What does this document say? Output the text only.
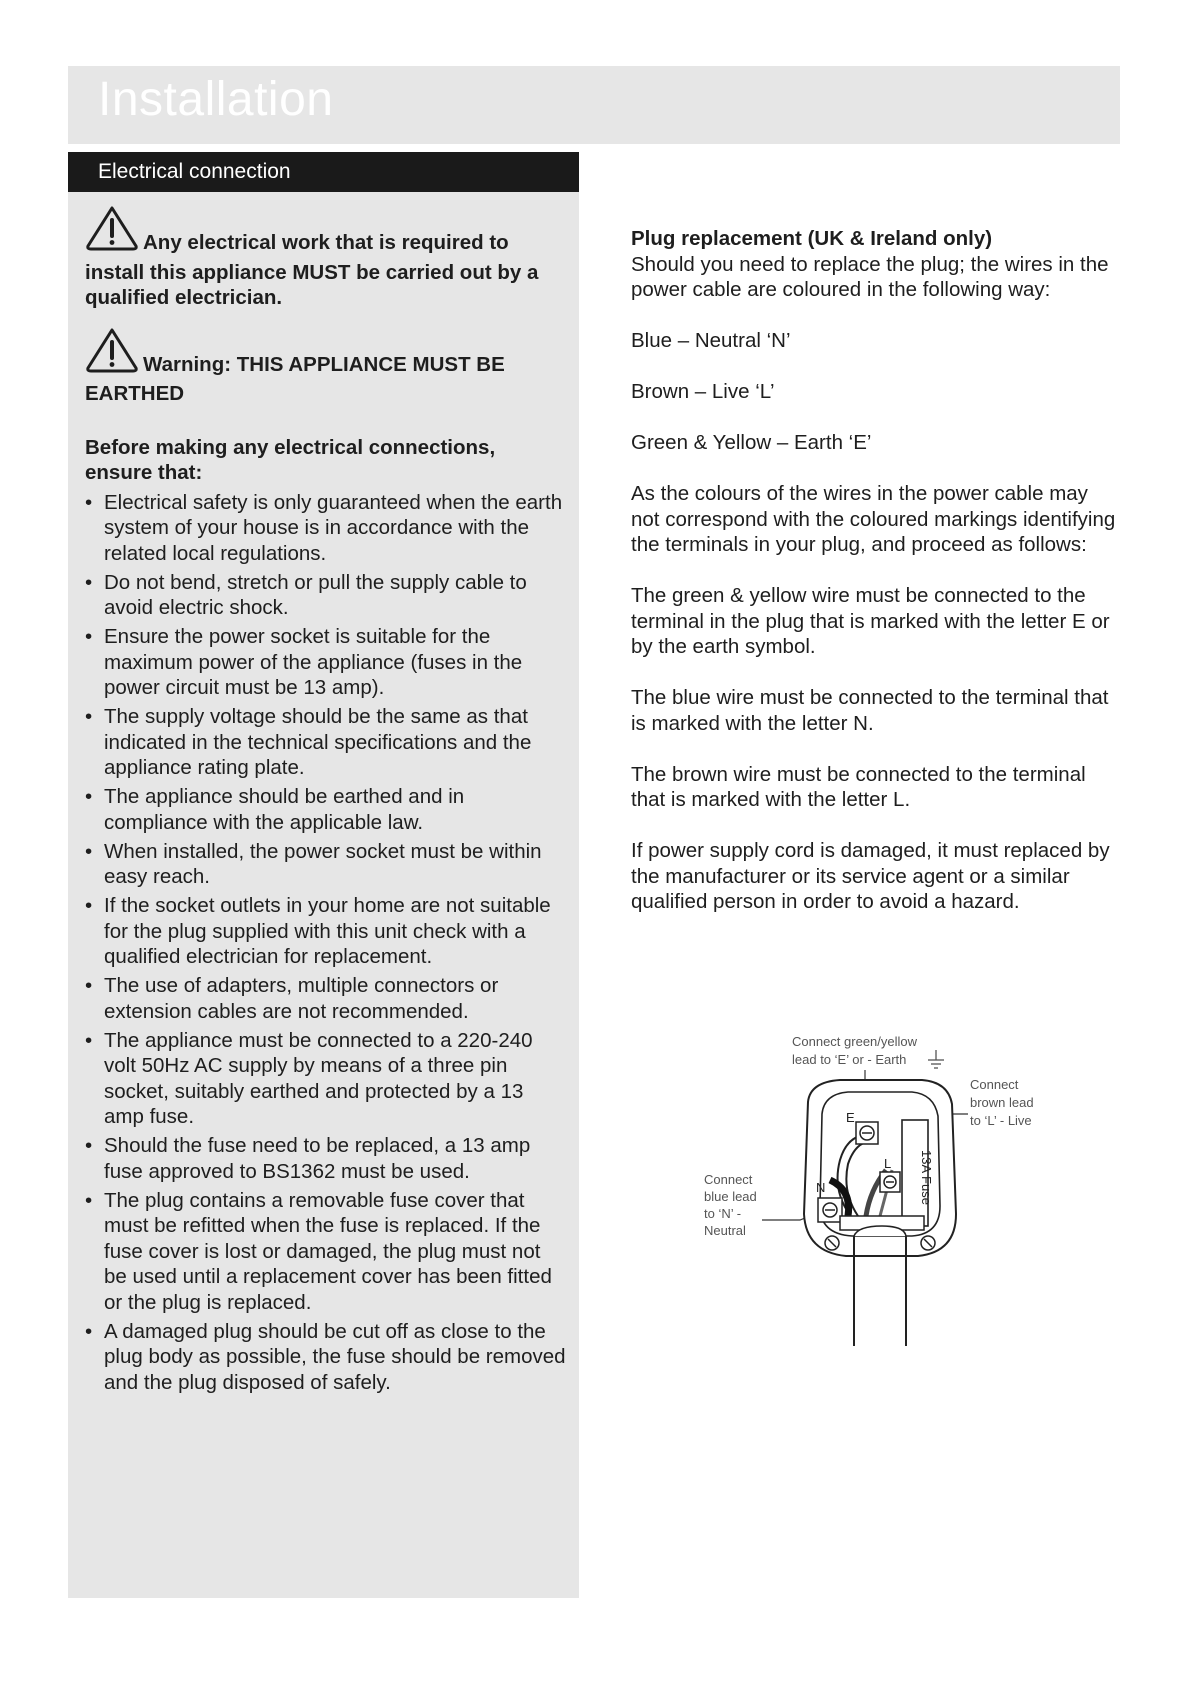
Installation
Electrical connection
Any electrical work that is required to install this appliance MUST be carried out by a qualified electrician.
Warning: THIS APPLIANCE MUST BE EARTHED
Before making any electrical connections, ensure that:
• Electrical safety is only guaranteed when the earth system of your house is in accordance with the related local regulations.
• Do not bend, stretch or pull the supply cable to avoid electric shock.
• Ensure the power socket is suitable for the maximum power of the appliance (fuses in the power circuit must be 13 amp).
• The supply voltage should be the same as that indicated in the technical specifications and the appliance rating plate.
• The appliance should be earthed and in compliance with the applicable law.
• When installed, the power socket must be within easy reach.
• If the socket outlets in your home are not suitable for the plug supplied with this unit check with a qualified electrician for replacement.
• The use of adapters, multiple connectors or extension cables are not recommended.
• The appliance must be connected to a 220-240 volt 50Hz AC supply by means of a three pin socket, suitably earthed and protected by a 13 amp fuse.
• Should the fuse need to be replaced, a 13 amp fuse approved to BS1362 must be used.
• The plug contains a removable fuse cover that must be refitted when the fuse is replaced. If the fuse cover is lost or damaged, the plug must not be used until a replacement cover has been fitted or the plug is replaced.
• A damaged plug should be cut off as close to the plug body as possible, the fuse should be removed and the plug disposed of safely.
Plug replacement (UK & Ireland only)

Should you need to replace the plug; the wires in the power cable are coloured in the following way:

Blue – Neutral ‘N’

Brown – Live ‘L’

Green & Yellow – Earth ‘E’

As the colours of the wires in the power cable may not correspond with the coloured markings identifying the terminals in your plug, and proceed as follows:

The green & yellow wire must be connected to the terminal in the plug that is marked with the letter E or by the earth symbol.

The blue wire must be connected to the terminal that is marked with the letter N.

The brown wire must be connected to the terminal that is marked with the letter L.

If power supply cord is damaged, it must replaced by the manufacturer or its service agent or a similar qualified person in order to avoid a hazard.

Connect green/yellow
lead to ‘E’ or - Earth
Connect
brown lead
to ‘L’ - Live
Connect
blue lead
to ‘N’ -
Neutral
13A Fuse
E
L
N
